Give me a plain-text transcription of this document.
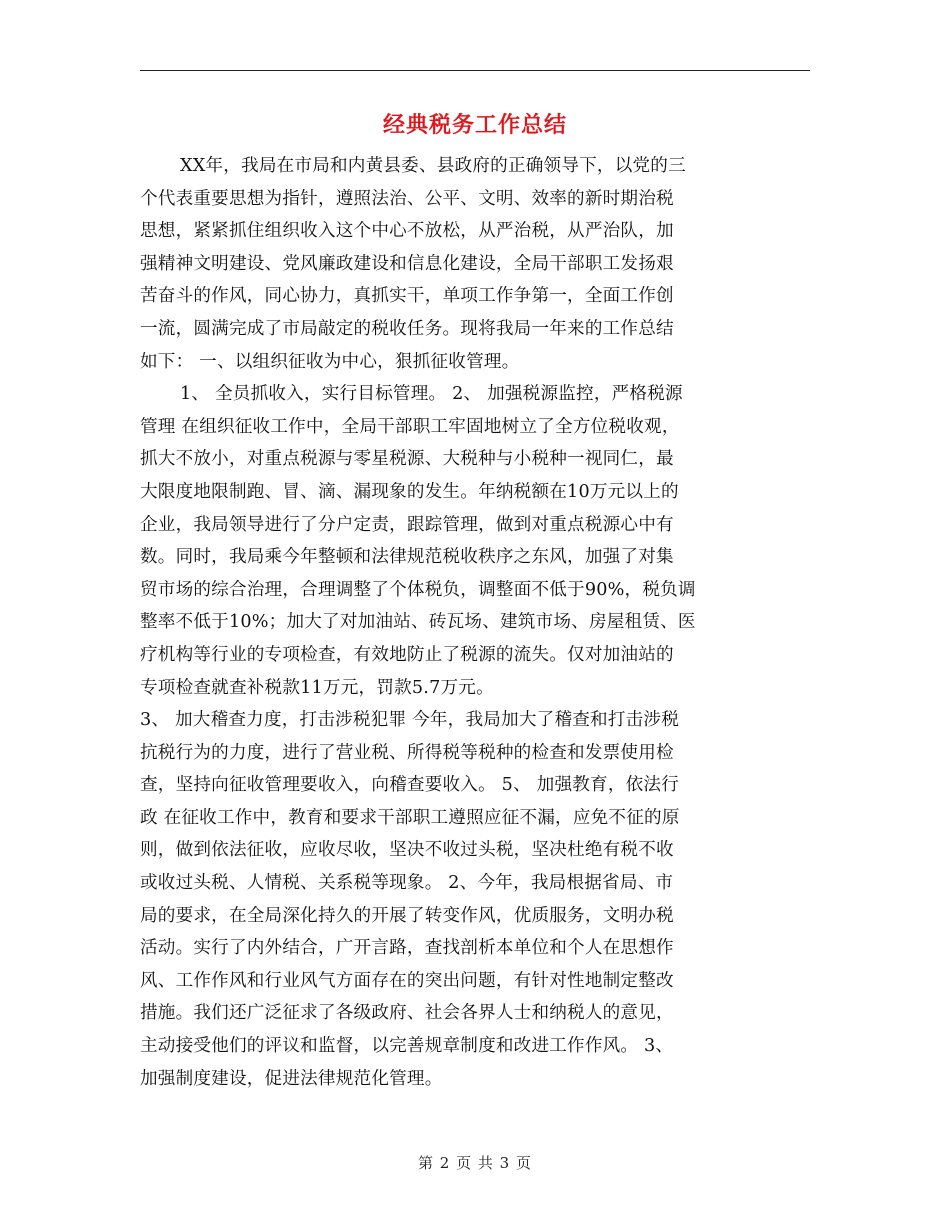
经典税务工作总结
XX年，我局在市局和内黄县委、县政府的正确领导下，以党的三
个代表重要思想为指针，遵照法治、公平、文明、效率的新时期治税
思想，紧紧抓住组织收入这个中心不放松，从严治税，从严治队，加
强精神文明建设、党风廉政建设和信息化建设，全局干部职工发扬艰
苦奋斗的作风，同心协力，真抓实干，单项工作争第一，全面工作创
一流，圆满完成了市局敲定的税收任务。现将我局一年来的工作总结
如下： 一、以组织征收为中心，狠抓征收管理。
1、 全员抓收入，实行目标管理。 2、 加强税源监控，严格税源
管理 在组织征收工作中，全局干部职工牢固地树立了全方位税收观，
抓大不放小，对重点税源与零星税源、大税种与小税种一视同仁，最
大限度地限制跑、冒、滴、漏现象的发生。年纳税额在10万元以上的
企业，我局领导进行了分户定责，跟踪管理，做到对重点税源心中有
数。同时，我局乘今年整顿和法律规范税收秩序之东风，加强了对集
贸市场的综合治理，合理调整了个体税负，调整面不低于90%，税负调
整率不低于10%；加大了对加油站、砖瓦场、建筑市场、房屋租赁、医
疗机构等行业的专项检查，有效地防止了税源的流失。仅对加油站的
专项检查就查补税款11万元，罚款5.7万元。
3、 加大稽查力度，打击涉税犯罪 今年，我局加大了稽查和打击涉税
抗税行为的力度，进行了营业税、所得税等税种的检查和发票使用检
查，坚持向征收管理要收入，向稽查要收入。 5、 加强教育，依法行
政 在征收工作中，教育和要求干部职工遵照应征不漏，应免不征的原
则，做到依法征收，应收尽收，坚决不收过头税，坚决杜绝有税不收
或收过头税、人情税、关系税等现象。 2、今年，我局根据省局、市
局的要求，在全局深化持久的开展了转变作风，优质服务，文明办税
活动。实行了内外结合，广开言路，查找剖析本单位和个人在思想作
风、工作作风和行业风气方面存在的突出问题，有针对性地制定整改
措施。我们还广泛征求了各级政府、社会各界人士和纳税人的意见，
主动接受他们的评议和监督，以完善规章制度和改进工作作风。 3、
加强制度建设，促进法律规范化管理。
第 2 页 共 3 页
